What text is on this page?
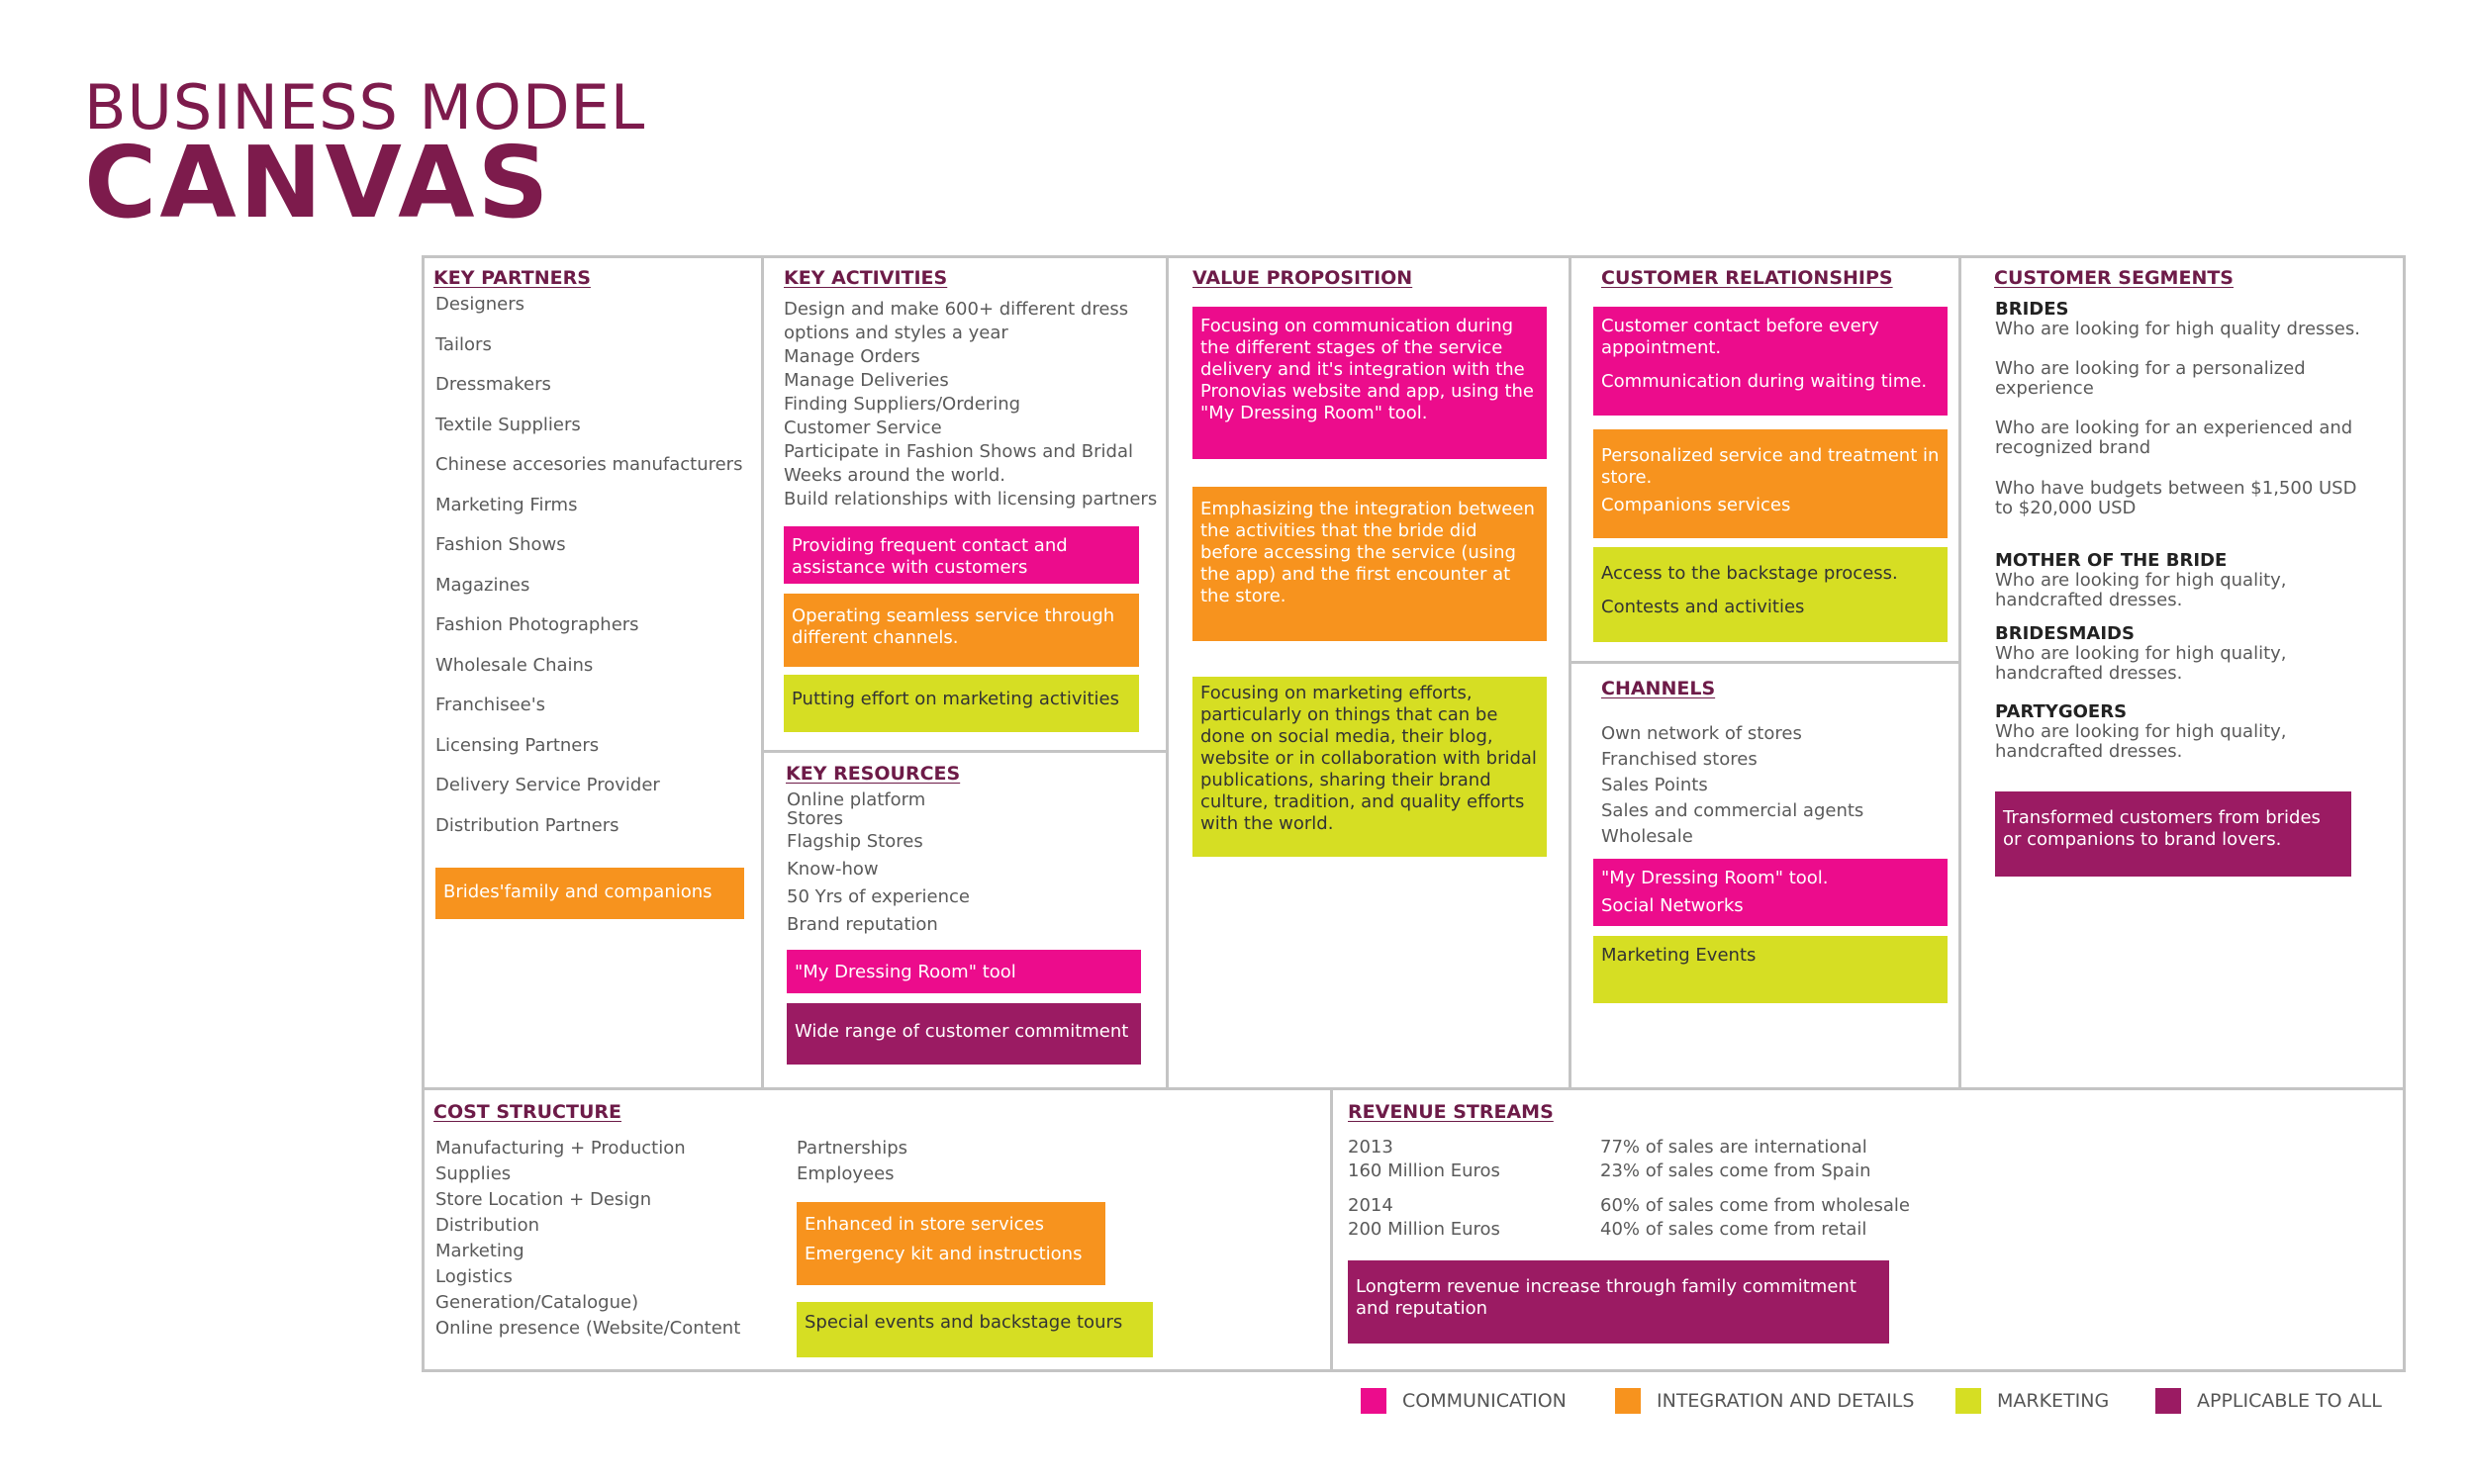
BUSINESS MODEL
CANVAS
KEY PARTNERS
Designers
Tailors
Dressmakers
Textile Suppliers
Chinese accesories manufacturers
Marketing Firms
Fashion Shows
Magazines
Fashion Photographers
Wholesale Chains
Franchisee's
Licensing Partners
Delivery Service Provider
Distribution Partners
Brides'family and companions
KEY ACTIVITIES
Design and make 600+ different dress
options and styles a year
Manage Orders
Manage Deliveries
Finding Suppliers/Ordering
Customer Service
Participate in Fashion Shows and Bridal
Weeks around the world.
Build relationships with licensing partners
Providing frequent contact and
assistance with customers
Operating seamless service through
different channels.
Putting effort on marketing activities
KEY RESOURCES
Online platform
Stores
Flagship Stores
Know-how
50 Yrs of experience
Brand reputation
"My Dressing Room" tool
Wide range of customer commitment
VALUE PROPOSITION
Focusing on communication during
the different stages of the service
delivery and it's integration with the
Pronovias website and app, using the
"My Dressing Room" tool.
Emphasizing the integration between
the activities that the bride did
before accessing the service (using
the app) and the first encounter at
the store.
Focusing on marketing efforts,
particularly on things that can be
done on social media, their blog,
website or in collaboration with bridal
publications, sharing their brand
culture, tradition, and quality efforts
with the world.
CUSTOMER RELATIONSHIPS
Customer contact before every
appointment.
Communication during waiting time.
Personalized service and treatment in
store.
Companions services
Access to the backstage process.
Contests and activities
CHANNELS
Own network of stores
Franchised stores
Sales Points
Sales and commercial agents
Wholesale
"My Dressing Room" tool.
Social Networks
Marketing Events
CUSTOMER SEGMENTS
BRIDES
Who are looking for high quality dresses.
Who are looking for a personalized
experience
Who are looking for an experienced and
recognized brand
Who have budgets between $1,500 USD
to $20,000 USD
MOTHER OF THE BRIDE
Who are looking for high quality,
handcrafted dresses.
BRIDESMAIDS
Who are looking for high quality,
handcrafted dresses.
PARTYGOERS
Who are looking for high quality,
handcrafted dresses.
Transformed customers from brides
or companions to brand lovers.
COST STRUCTURE
Manufacturing + Production
Supplies
Store Location + Design
Distribution
Marketing
Logistics
Generation/Catalogue)
Online presence (Website/Content
Partnerships
Employees
Enhanced in store services
Emergency kit and instructions
Special events and backstage tours
REVENUE STREAMS
2013
160 Million Euros
2014
200 Million Euros
77% of sales are international
23% of sales come from Spain
60% of sales come from wholesale
40% of sales come from retail
Longterm revenue increase through family commitment
and reputation
COMMUNICATION	INTEGRATION AND DETAILS	MARKETING	APPLICABLE TO ALL
